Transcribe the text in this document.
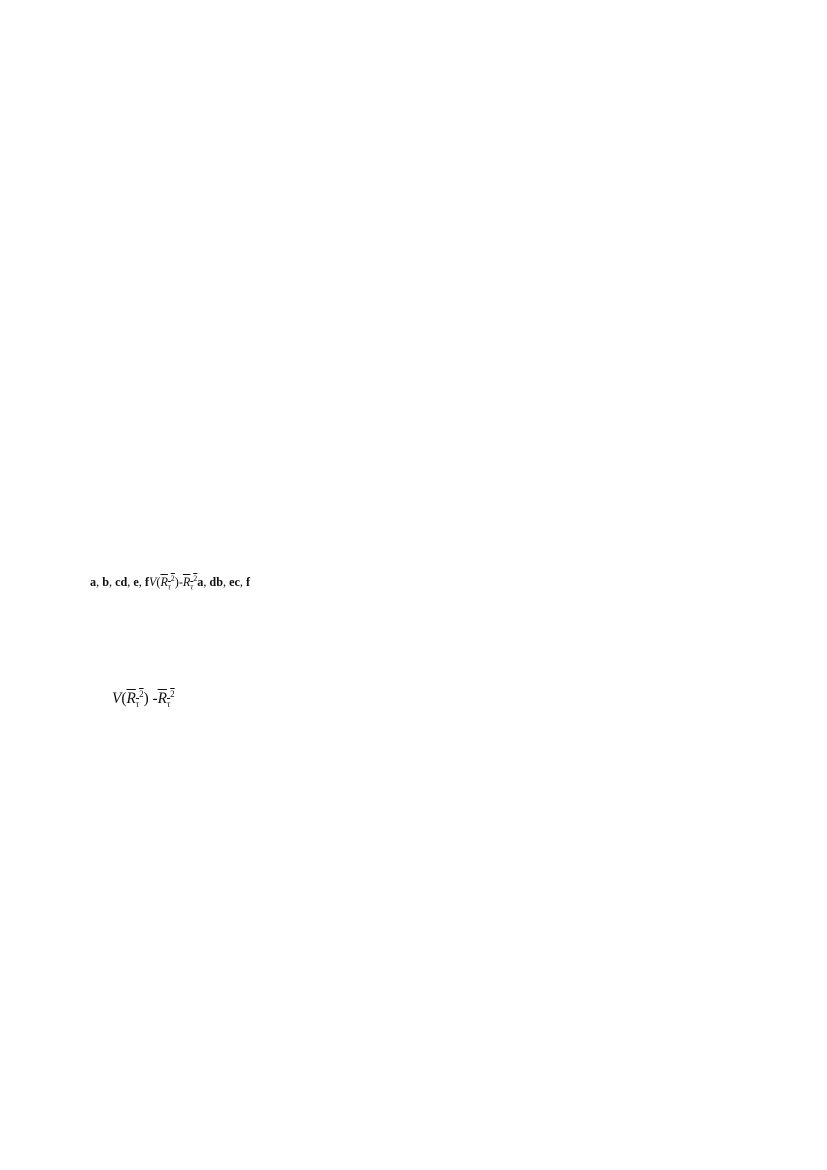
a, b, cd, e, $fV(R_\tau^2)-R_\tau^2a$, db, ec, f

$V(R_\tau^2)$ $-R_\tau^2$
